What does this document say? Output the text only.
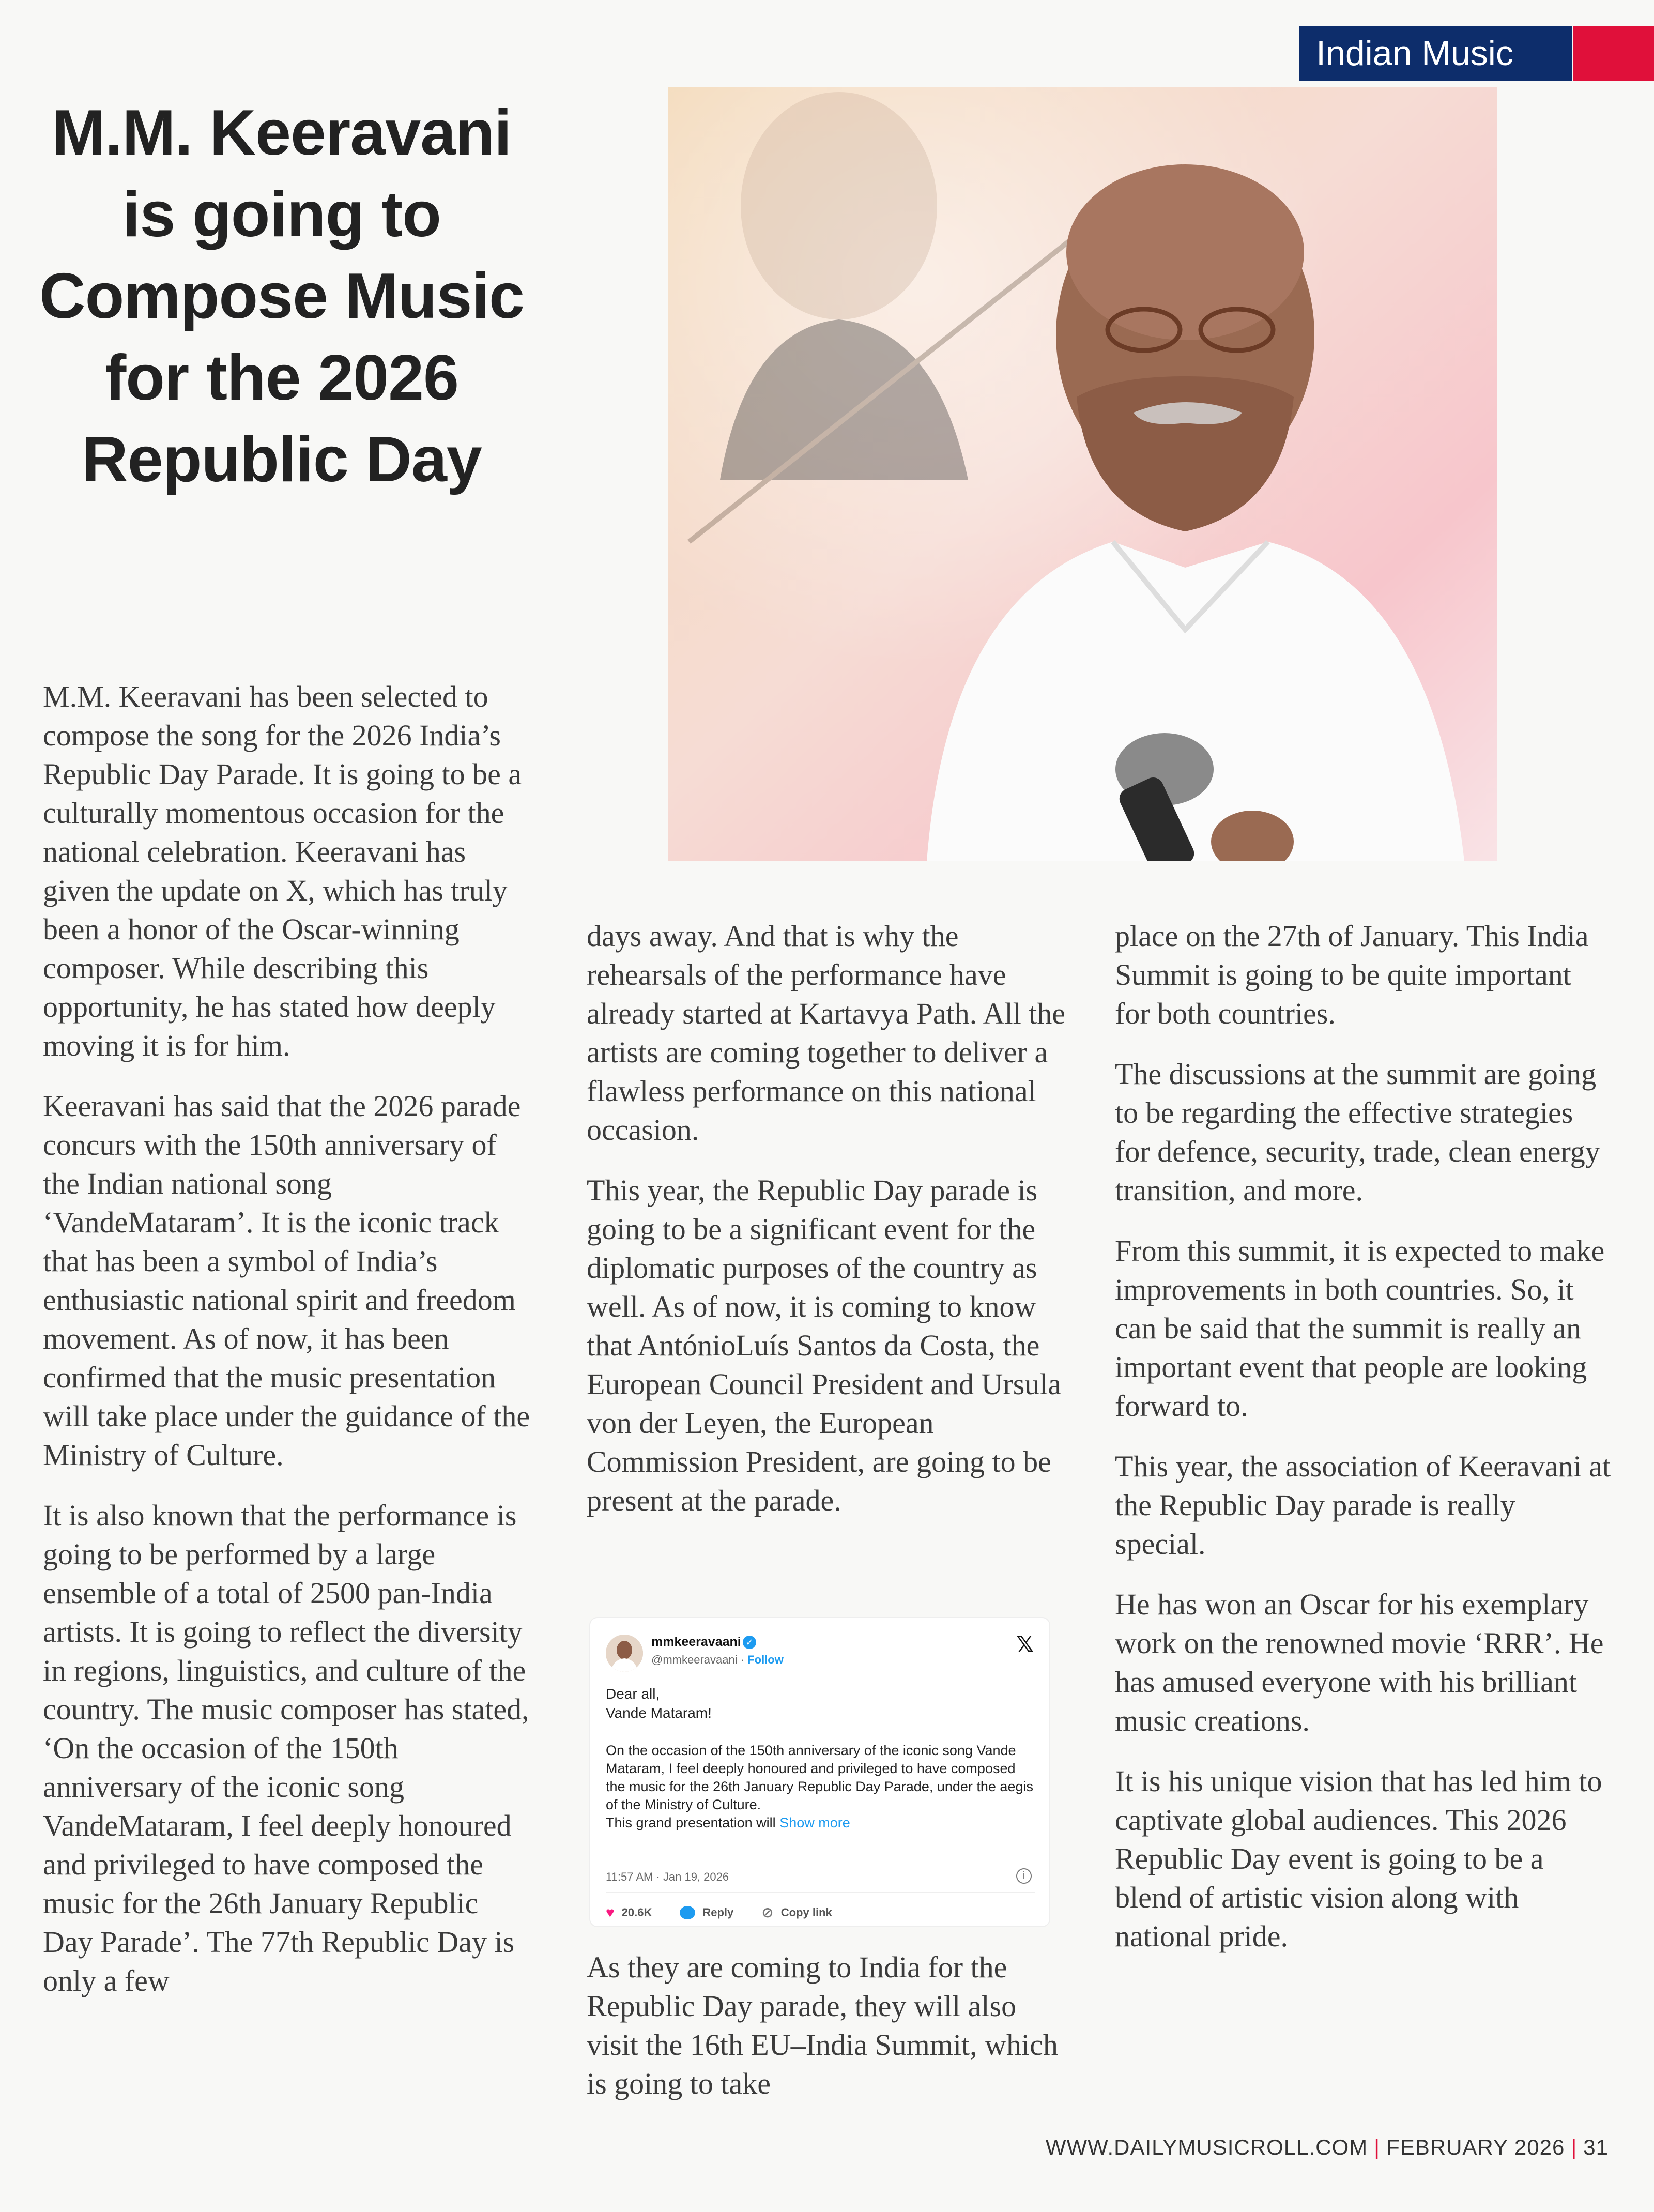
Indian Music
M.M. Keeravani is going to Compose Music for the 2026 Republic Day

M.M. Keeravani has been selected to compose the song for the 2026 India’s Republic Day Parade. It is going to be a culturally momentous occasion for the national celebration. Keeravani has given the update on X, which has truly been a honor of the Oscar-winning composer. While describing this opportunity, he has stated how deeply moving it is for him.

Keeravani has said that the 2026 parade concurs with the 150th anniversary of the Indian national song ‘VandeMataram’. It is the iconic track that has been a symbol of India’s enthusiastic national spirit and freedom movement. As of now, it has been confirmed that the music presentation will take place under the guidance of the Ministry of Culture.

It is also known that the performance is going to be performed by a large ensemble of a total of 2500 pan-India artists. It is going to reflect the diversity in regions, linguistics, and culture of the country. The music composer has stated, ‘On the occasion of the 150th anniversary of the iconic song VandeMataram, I feel deeply honoured and privileged to have composed the music for the 26th January Republic Day Parade’. The 77th Republic Day is only a few

days away. And that is why the rehearsals of the performance have already started at Kartavya Path. All the artists are coming together to deliver a flawless performance on this national occasion.

This year, the Republic Day parade is going to be a significant event for the diplomatic purposes of the country as well. As of now, it is coming to know that AntónioLuís Santos da Costa, the European Council President and Ursula von der Leyen, the European Commission President, are going to be present at the parade.

mmkeeravaani ✓
@mmkeeravaani · Follow
𝕏
Dear all,
Vande Mataram!
On the occasion of the 150th anniversary of the iconic song Vande Mataram, I feel deeply honoured and privileged to have composed the music for the 26th January Republic Day Parade, under the aegis of the Ministry of Culture.
This grand presentation will Show more
11:57 AM · Jan 19, 2026	i
♥ 20.6K	Reply ⊘ Copy link

As they are coming to India for the Republic Day parade, they will also visit the 16th EU–India Summit, which is going to take

place on the 27th of January. This India Summit is going to be quite important for both countries.

The discussions at the summit are going to be regarding the effective strategies for defence, security, trade, clean energy transition, and more.

From this summit, it is expected to make improvements in both countries. So, it can be said that the summit is really an important event that people are looking forward to.

This year, the association of Keeravani at the Republic Day parade is really special.

He has won an Oscar for his exemplary work on the renowned movie ‘RRR’. He has amused everyone with his brilliant music creations.

It is his unique vision that has led him to captivate global audiences. This 2026 Republic Day event is going to be a blend of artistic vision along with national pride.

WWW.DAILYMUSICROLL.COM | FEBRUARY 2026 | 31
